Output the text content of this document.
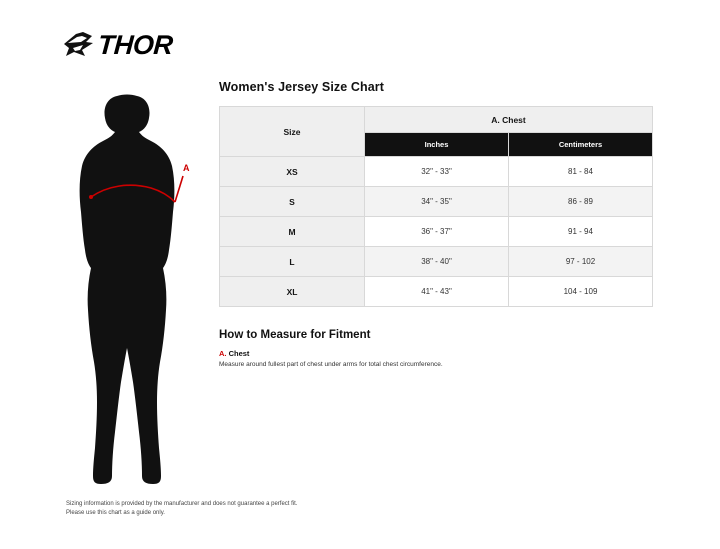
THOR
A
Women's Jersey Size Chart
Size	A. Chest	
	Inches	Centimeters
XS	32" - 33"	81 - 84
S	34" - 35"	86 - 89
M	36" - 37"	91 - 94
L	38" - 40"	97 - 102
XL	41" - 43"	104 - 109
How to Measure for Fitment

A. Chest

Measure around fullest part of chest under arms for total chest circumference.

Sizing information is provided by the manufacturer and does not guarantee a perfect fit.
Please use this chart as a guide only.
